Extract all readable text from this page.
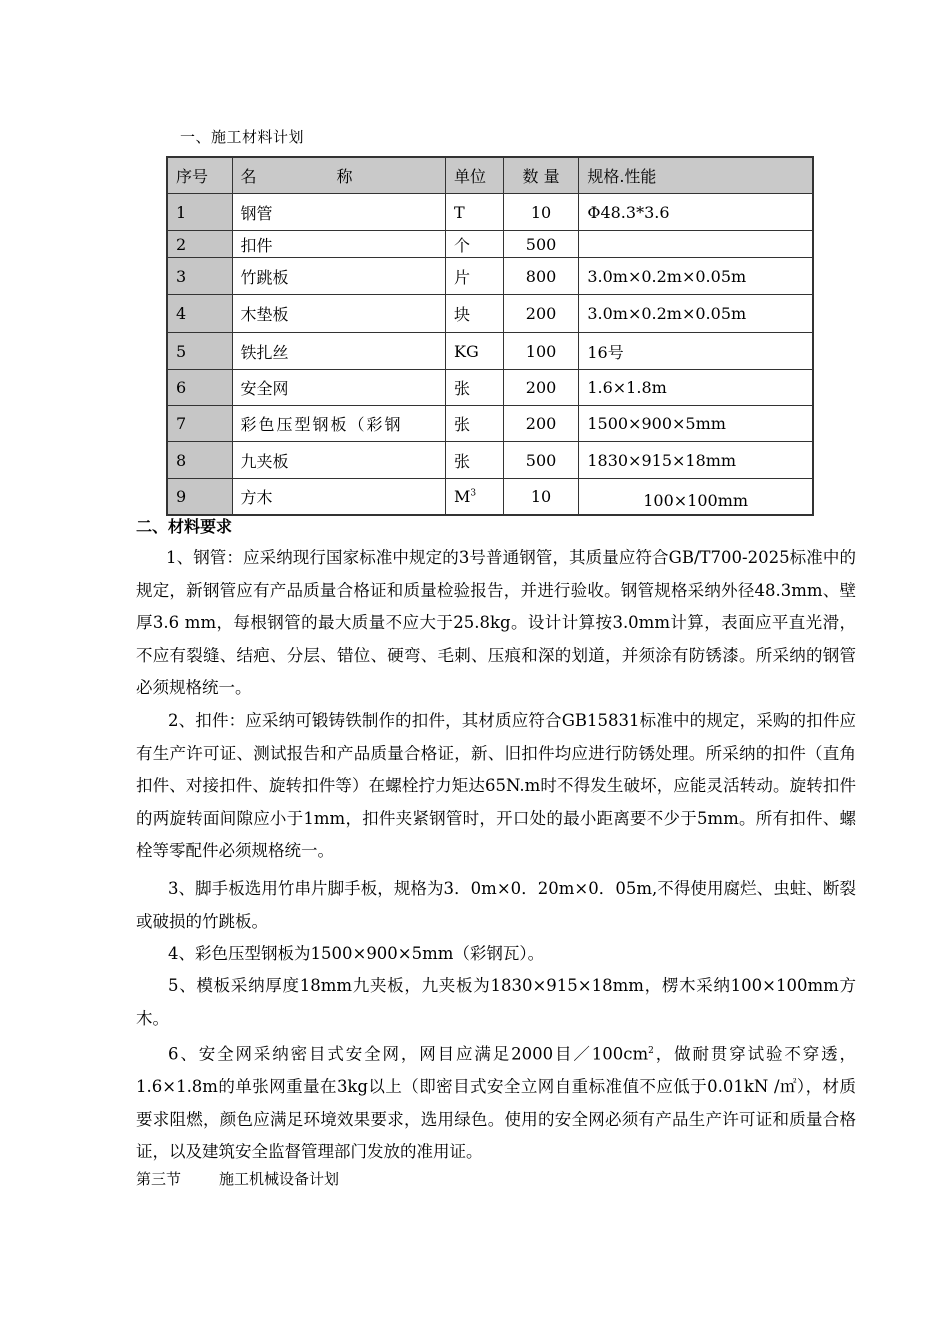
一、施工材料计划
序号	名 称	单位	数 量	规格.性能
1	钢管	T	10	Φ48.3*3.6
2	扣件	个	500	
3	竹跳板	片	800	3.0m×0.2m×0.05m
4	木垫板	块	200	3.0m×0.2m×0.05m
5	铁扎丝	KG	100	16号
6	安全网	张	200	1.6×1.8m
7	彩色压型钢板（彩钢	张	200	1500×900×5mm
8	九夹板	张	500	1830×915×18mm
9	方木	$M^3$	10	100×100mm
二、材料要求

1、钢管：应采纳现行国家标准中规定的3号普通钢管，其质量应符合GB/T700-2025标准中的规定，新钢管应有产品质量合格证和质量检验报告，并进行验收。钢管规格采纳外径48.3mm、壁厚3.6 mm，每根钢管的最大质量不应大于25.8kg。设计计算按3.0mm计算，表面应平直光滑，不应有裂缝、结疤、分层、错位、硬弯、毛刺、压痕和深的划道，并须涂有防锈漆。所采纳的钢管必须规格统一。

2、扣件：应采纳可锻铸铁制作的扣件，其材质应符合GB15831标准中的规定，采购的扣件应有生产许可证、测试报告和产品质量合格证，新、旧扣件均应进行防锈处理。所采纳的扣件（直角扣件、对接扣件、旋转扣件等）在螺栓拧力矩达65N.m时不得发生破坏，应能灵活转动。旋转扣件的两旋转面间隙应小于1mm，扣件夹紧钢管时，开口处的最小距离要不少于5mm。所有扣件、螺栓等零配件必须规格统一。

3、脚手板选用竹串片脚手板，规格为3．0m×0．20m×0．05m,不得使用腐烂、虫蛀、断裂或破损的竹跳板。

4、彩色压型钢板为1500×900×5mm（彩钢瓦）。

5、模板采纳厚度18mm九夹板，九夹板为1830×915×18mm，楞木采纳100×100mm方木。

6、安全网采纳密目式安全网，网目应满足2000目$/100cm^2$，做耐贯穿试验不穿透，1.6×1.8m的单张网重量在3kg以上（即密目式安全立网自重标准值不应低于0.01kN /㎡），材质要求阻燃，颜色应满足环境效果要求，选用绿色。使用的安全网必须有产品生产许可证和质量合格证，以及建筑安全监督管理部门发放的准用证。

第三节	施工机械设备计划
